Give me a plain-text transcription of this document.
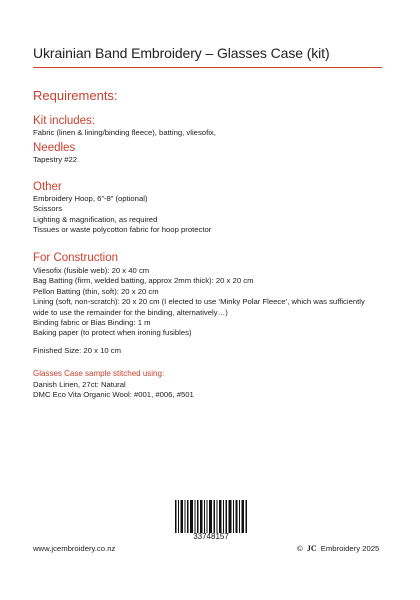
Ukrainian Band Embroidery – Glasses Case (kit)
Requirements:
Kit includes:
Fabric (linen & lining/binding fleece), batting, vliesofix,
Needles
Tapestry #22
Other
Embroidery Hoop, 6”-8” (optional)
Scissors
Lighting & magnification, as required
Tissues or waste polycotton fabric for hoop protector
For Construction
Vliesofix (fusible web): 20 x 40 cm
Bag Batting (firm, welded batting, approx 2mm thick): 20 x 20 cm
Pellon Batting (thin, soft): 20 x 20 cm
Lining (soft, non-scratch): 20 x 20 cm (I elected to use ‘Minky Polar Fleece’, which was sufficiently
wide to use the remainder for the binding, alternatively…)
Binding fabric or Bias Binding: 1 m
Baking paper (to protect when ironing fusibles)
Finished Size: 20 x 10 cm
Glasses Case sample stitched using:
Danish Linen, 27ct: Natural
DMC Eco Vita Organic Wool: #001, #006, #501
33748157
www.jcembroidery.co.nz	© JC Embroidery 2025
